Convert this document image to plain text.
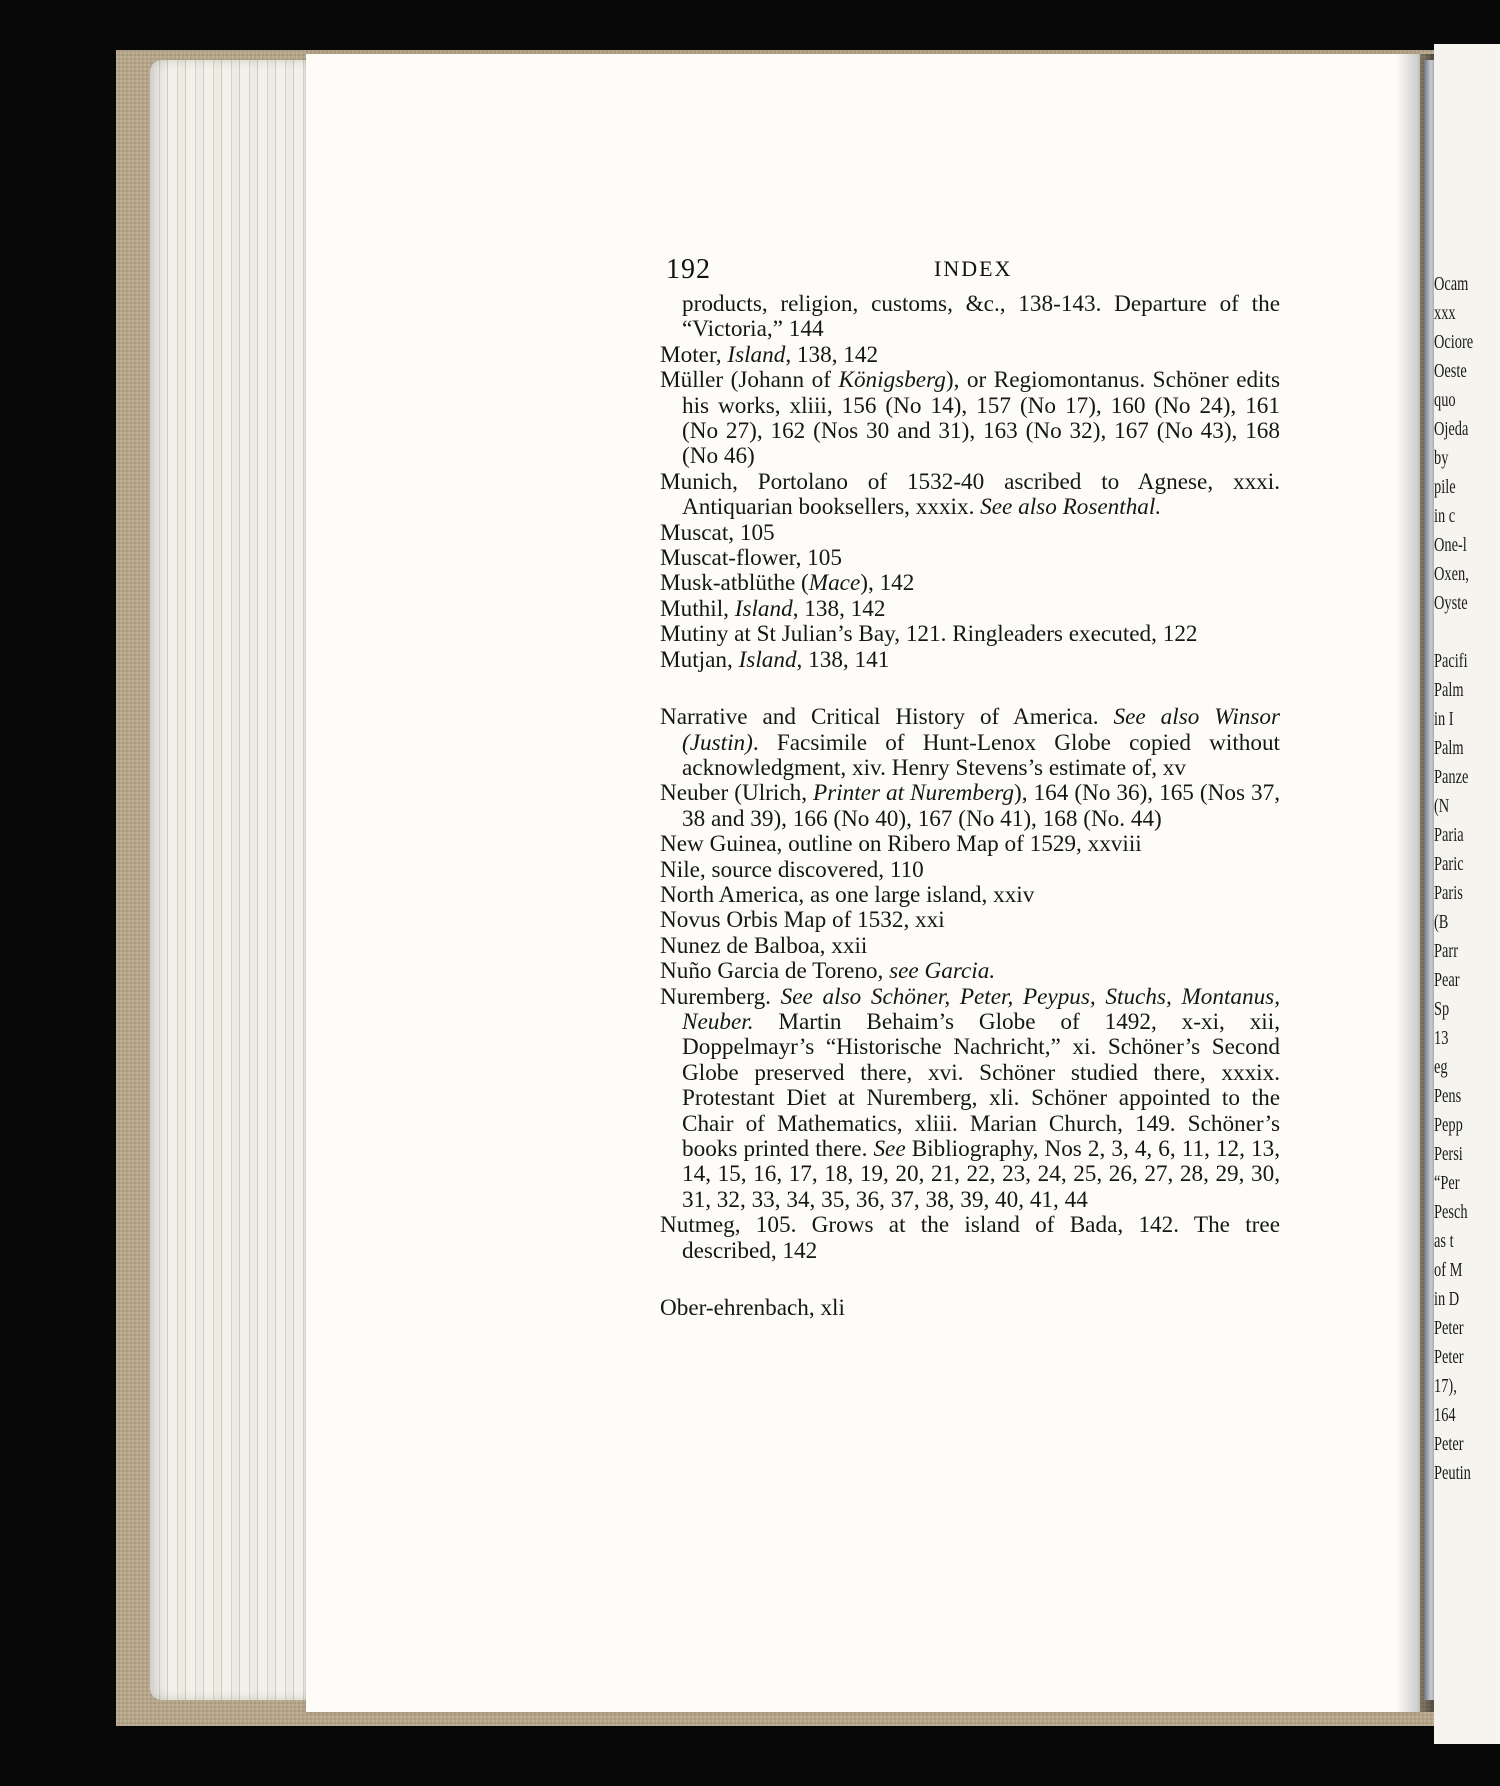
Ocam
xxx
Ociore
Oeste
quo
Ojeda
by
pile
in c
One-l
Oxen,
Oyste

Pacifi
Palm
in I
Palm
Panze
(N
Paria
Paric
Paris
(B
Parr
Pear
Sp
13
eg
Pens
Pepp
Persi
“Per
Pesch
as t
of M
in D
Peter
Peter
17),
164
Peter
Peutin
192	INDEX
products, religion, customs, &c., 138-143. Departure of the “Victoria,” 144
Moter, Island, 138, 142
Müller (Johann of Königsberg), or Regiomontanus. Schöner edits his works, xliii, 156 (No 14), 157 (No 17), 160 (No 24), 161 (No 27), 162 (Nos 30 and 31), 163 (No 32), 167 (No 43), 168 (No 46)
Munich, Portolano of 1532-40 ascribed to Agnese, xxxi. Antiquarian booksellers, xxxix. See also Rosenthal.
Muscat, 105
Muscat-flower, 105
Musk-atblüthe (Mace), 142
Muthil, Island, 138, 142
Mutiny at St Julian’s Bay, 121. Ringleaders executed, 122
Mutjan, Island, 138, 141
Narrative and Critical History of America. See also Winsor (Justin). Facsimile of Hunt-Lenox Globe copied without acknowledgment, xiv. Henry Stevens’s estimate of, xv
Neuber (Ulrich, Printer at Nuremberg), 164 (No 36), 165 (Nos 37, 38 and 39), 166 (No 40), 167 (No 41), 168 (No. 44)
New Guinea, outline on Ribero Map of 1529, xxviii
Nile, source discovered, 110
North America, as one large island, xxiv
Novus Orbis Map of 1532, xxi
Nunez de Balboa, xxii
Nuño Garcia de Toreno, see Garcia.
Nuremberg. See also Schöner, Peter, Peypus, Stuchs, Montanus, Neuber. Martin Behaim’s Globe of 1492, x-xi, xii, Doppelmayr’s “Historische Nachricht,” xi. Schöner’s Second Globe preserved there, xvi. Schöner studied there, xxxix. Protestant Diet at Nuremberg, xli. Schöner appointed to the Chair of Mathematics, xliii. Marian Church, 149. Schöner’s books printed there. See Bibliography, Nos 2, 3, 4, 6, 11, 12, 13, 14, 15, 16, 17, 18, 19, 20, 21, 22, 23, 24, 25, 26, 27, 28, 29, 30, 31, 32, 33, 34, 35, 36, 37, 38, 39, 40, 41, 44
Nutmeg, 105. Grows at the island of Bada, 142. The tree described, 142
Ober-ehrenbach, xli
